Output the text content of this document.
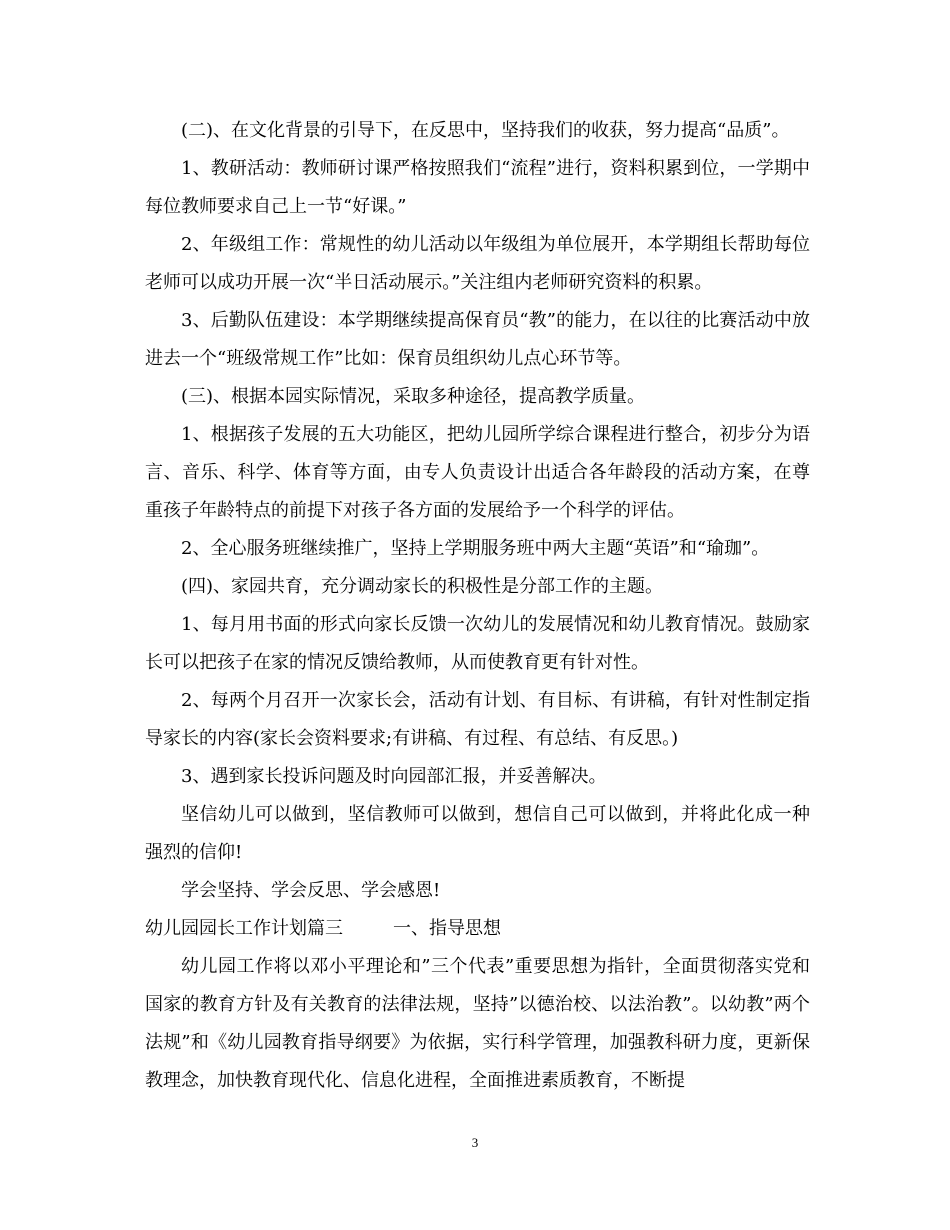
(二)、在文化背景的引导下，在反思中，坚持我们的收获，努力提高“品质”。

1、教研活动：教师研讨课严格按照我们“流程”进行，资料积累到位，一学期中每位教师要求自己上一节“好课。”

2、年级组工作：常规性的幼儿活动以年级组为单位展开，本学期组长帮助每位老师可以成功开展一次“半日活动展示。”关注组内老师研究资料的积累。

3、后勤队伍建设：本学期继续提高保育员“教”的能力，在以往的比赛活动中放进去一个“班级常规工作”比如：保育员组织幼儿点心环节等。

(三)、根据本园实际情况，采取多种途径，提高教学质量。

1、根据孩子发展的五大功能区，把幼儿园所学综合课程进行整合，初步分为语言、音乐、科学、体育等方面，由专人负责设计出适合各年龄段的活动方案，在尊重孩子年龄特点的前提下对孩子各方面的发展给予一个科学的评估。

2、全心服务班继续推广，坚持上学期服务班中两大主题“英语”和“瑜珈”。

(四)、家园共育，充分调动家长的积极性是分部工作的主题。

1、每月用书面的形式向家长反馈一次幼儿的发展情况和幼儿教育情况。鼓励家长可以把孩子在家的情况反馈给教师，从而使教育更有针对性。

2、每两个月召开一次家长会，活动有计划、有目标、有讲稿，有针对性制定指导家长的内容(家长会资料要求;有讲稿、有过程、有总结、有反思。)

3、遇到家长投诉问题及时向园部汇报，并妥善解决。

坚信幼儿可以做到，坚信教师可以做到，想信自己可以做到，并将此化成一种强烈的信仰!

学会坚持、学会反思、学会感恩!

幼儿园园长工作计划篇三	一、指导思想

幼儿园工作将以邓小平理论和”三个代表”重要思想为指针，全面贯彻落实党和国家的教育方针及有关教育的法律法规，坚持”以德治校、以法治教”。以幼教”两个法规”和《幼儿园教育指导纲要》为依据，实行科学管理，加强教科研力度，更新保教理念，加快教育现代化、信息化进程，全面推进素质教育，不断提

3
